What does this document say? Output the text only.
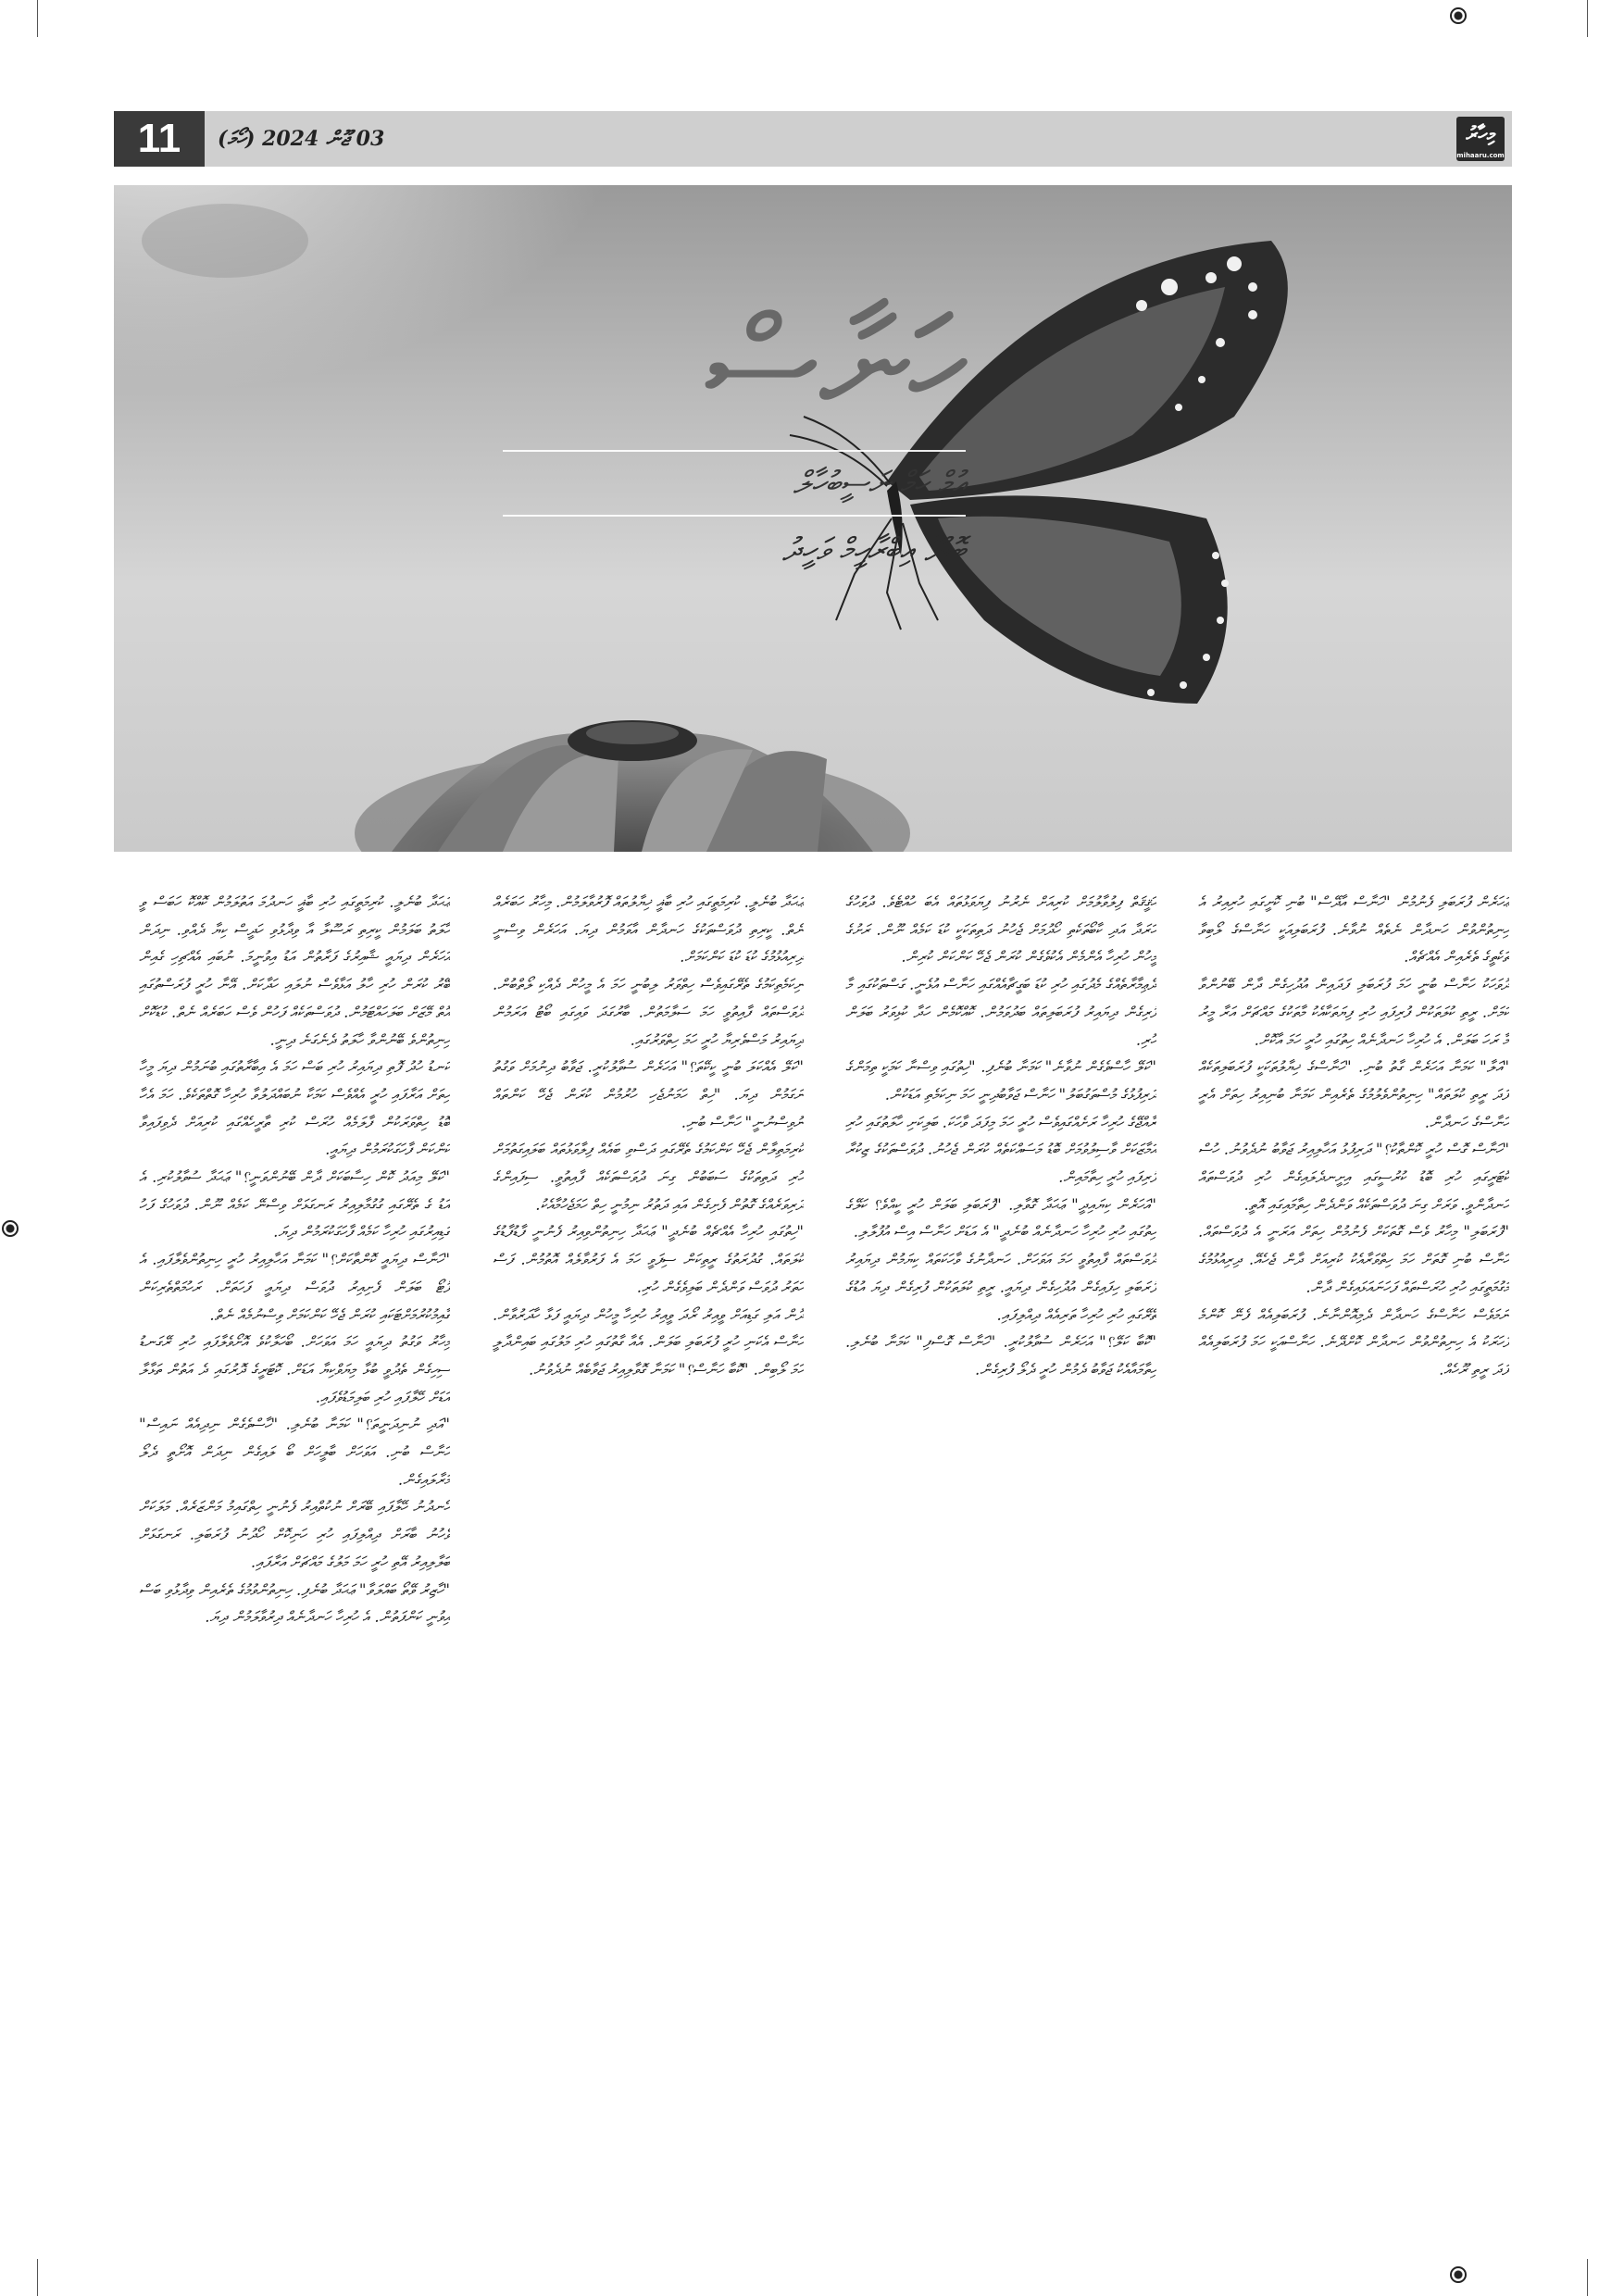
11	03 ޖޫން 2024 (ހޯމަ)	މިހާރު
mihaaru.com
ހަނާސް
އުމް ހަމް ނަސީބުހާލް
ބޮޑުފާ އިބްރާހީމް ވަހީދު

ޢަހަރެން ފުރަބަލި ފެނުމުން "ހަނާސް އާދޭސް" ބުނި ކޮށީގައި ހުރިއިރު އެ ހިނިތުންވުން ހަނދާން ނެތެއް ނުވާނެ. ފުރަބަލިއަކީ ހަނާސްގެ ލޯބިވާ ތަކެތީގެ ތެރެއިން އެއްޗެއް.

ދުވަހަކު ހަނާސް ބުނީ ހަމަ ފުރަބަލި ފަދައިން އުދުހިގެން ދާން ބޭނުންވާ ކަމަށް. ރީތި ކުލަތަކުން ފުރިފައި ހުރި ފިޔަތަކާއެކު މާތަކުގެ މައްޗަށް އަރާ މީރު މާ ރަހަ ބަލަން. އެ ހުރިހާ ހަނދާނެއް ހިތުގައި ހުރީ ހަމަ އާކޮށް.

"އަލާ" ކަމަނާ އަހަރެން ގާތު ބުނި. "ހަނާސްގެ ޚިޔާލުތަކަކީ ފުރަބަލިތަކެއް ފަދަ ރީތި ކުލަތައް" ހިނިތުންވެލުމުގެ ތެރެއިން ކަމަނާ ބުނިއިރު ހިތަށް އެރީ ހަނާސްގެ ހަނދާން.

"ހަނާސް ގޮސް ހުރީ ކޮންތާކު؟" ދަރިފުޅު އަހާލިއިރު ޖަވާބު ނުދެވުނު. ހުސް ކޮޓަރީގައި ހުރި ބޮޑު ކުރުސީގައި އިށީނދެލައިގެން ހުރި ދުވަސްތައް ހަނދާންވީ. ވަރަށް ގިނަ ދުވަސްތަކެއް ވަންދެން ހިތާމައިގައި އޮތީ.

"ފުރަބަލި" މިހާރު ވެސް ގޮތަކަށް ފެނުމުން ހިތަށް އަރަނީ އެ ދުވަސްތައް. ހަނާސް ބުނި ގޮތަށް ހަމަ ހިތްވަރާއެކު ކުރިއަށް ދާން ޖެހެއޭ. ދިރިއުޅުމުގެ މަގުމަތީގައި ހުރި ހުރަސްތައް ފަހަނައަޅައިގެން ދާން.

ނަމަވެސް ހަނާސްގެ ހަނދާން ދެމިއޮންނާނެ. ފުރަބަލިއެއް ފެނޭ ކޮންމެ ފަހަރަކު އެ ހިނިތުންވުން ހަނދާން ކޮށްދޭނެ. ހަނާސްއަކީ ހަމަ ފުރަބަލިއެއް ފަދަ ރީތި ރޫހެއް.

ޙަޤީޤަތް ފިލުވާލުމަށް ކުރިއަށް ނެރުނު ފިޔަވަޅުތައް އެބަ ހުއްޓެވެ. ދުވަހުގެ ހަރަދާ އަދި ކާބޯތަކެތި ހޯދުމަށް ޖެހުނު ދަތިތަކަކީ ކުޑަ ކަމެއް ނޫން. ރަށުގެ މީހުން ހުރިހާ އެންމެން އެކުވެގެން ކުރަން ޖެހޭ ކަންކަން ކުރިން.

ދެޢިމާރާތެއްގެ މެދުގައި ހުރި ކުޑަ ބަގީޗާއެއްގައި ހަނާސް އުޅެނީ. ގަސްތަކުގައި މާ ފުރިގެން ދިޔައިރު ފުރަބަލިތައް ބަދުވަމުން. ކޮއްކޮމެން ހަދާ ކުޅިވަރު ބަލަން ހުރި.

"ކަލޭ ހާސްވެގެން ނުވާނެ" ކަމަނާ ބުނެފި. "ހިތުގައި ވިސްނާ ކަމަކީ ތިމަންގެ ދަރިފުޅުގެ މުސްތަގުބަލު" ހަނާސް ޖަވާބުދިނީ ހަމަ ނިކަމެތި އަޑަކުން.

ރާއްޖޭގެ ހުރިހާ ރަށެއްގައިވެސް ހުރީ ހަމަ މިފަދަ ވާހަކަ. ބަލިކަށި ހާލަތުގައި ހުރި އަމާޒަކަށް ވާސިލުވުމަށް ބޮޑު މަސައްކަތެއް ކުރަން ޖެހުނު. ދުވަސްތަކުގެ ޒިކުރާ ފުރިފައި ހުރީ ހިތާމައިން.

"އަހަރެން ކިޔައިދީ" ޢަޙަދާ ގޮވާލި. "ފުރަބަލި ބަލަން ހުރީ ކީއްވެ؟ ކަލޭގެ ހިތުގައި ހުރި ހުރިހާ ހަނދާނެއް ބުނެދީ" އެ އަޑަށް ހަނާސް އިސް އުފުލާލި.

ދުވަސްތައް ފާއިތުވީ ހަމަ އަވަހަށް. ހަނދާނުގެ ވާހަކަތައް ކިޔަމުން ދިޔައިރު ފުރަބަލި ހިފައިގެން އުދުހިގެން ދިޔައީ. ރީތި ކުލަތަކުން ފުރިގެން ދިޔަ އުޑުގެ ތެރޭގައި ހުރި ހުރިހާ ތަރިއެއް ދިއްލިފައި.

"ކޮބާ ކަލޭ؟" އަހަރެން ސުވާލުކުރީ. "ހަނާސް ގޮސްފި" ކަމަނާ ބުނެލި. ހިތާމައާއެކު ޖަވާބު ދެމުން ހުރީ ދެލޯ ފުރިގެން.

ޢަޙަދާ ބުނެލީ. ކުރިމަތީގައި ހުރި ބާޣީ ޚިޔާލުތައް ފޮރުވާލަމުން. މިހާރު ހަބަރެއް ނެތް. ކީރިތި ދުވަސްތަކުގެ ހަނދާން އާވަމުން ދިޔަ. އަހަރެން ވިސްނީ ދިރިއުޅުމުގެ ކުޑަ ކުޑަ ކަންކަމަށް.

ނިކަމެތިކަމުގެ ތެރޭގައިވެސް ހިތްވަރު ލިބުނީ ހަމަ އެ މީހުން ދެއްކި ލޯތްބުން. ދުވަސްތައް ފާއިތުވީ ހަމަ ސަލާމަތުން. ބާރުގަދަ ވައިގައި ބޯޓު އަރަމުން ދިޔައިރު މަސްވެރިޔާ ހުރީ ހަމަ ހިތްވަރުގައި.

"ކަލޭ އެއްކަލަ ބުނީ ކީކޭތަ؟" އަހަރެން ސުވާލުކުރީ. ޖަވާބު ދިނުމަށް ވަގުތު ނަގަމުން ދިޔަ. "ހިތް ހަމަނުޖެހި ހުރުމުން ކުރަން ޖެހޭ ކަންތައް ނުވިސްނުނީ" ހަނާސް ބުނި.

ކުރިމަތިލާން ޖެހޭ ކަންކަމުގެ ތެރޭގައި ދަސްވި ބައެއް ފިލާވަޅުތައް ބަލައިގަތުމަށް ހުރި ދަތިތަކުގެ ސަބަބުން ގިނަ ދުވަސްތަކެއް ފާއިތުވީ. ސިފައިންގެ ދަރިވަރެއްގެ ގޮތުން ފެށިގެން އައި ދަތުރު ނިމުނީ ހިތް ހަމަޖެހުމާއެކު.

"ހިތުގައި ހުރިހާ އެއްޗެއް ބުނެދީ" ޢަޙަދާ ހިނިތުންވިއިރު ފެނުނީ ފާޑުފާޑުގެ ކުލަތައް. ގުދުރަތުގެ ރީތިކަން ސިފަވީ ހަމަ އެ ފަރުވާލެއް އޮތުމުން. ފަސް ހަތަރު ދުވަސް ވަންދެން ބަލިވެގެން ހުރި.

ދޮން އަލި ގަޑިއަށް ވީއިރު ރޯދަ ވީއިރު ހުރިހާ މީހުން ދިޔައީ ފަޅާ ހާދަރުވާން. ހަނާސް އެކަނި ހުރީ ފުރަބަލި ބަލަން. އެއާ ގާތުގައި ހުރި މަލުގައި ބައިންދާލީ ހަމަ ލޯބިން. "ކޮބާ ހަނާސް؟" ކަމަނާ ގޮވާލިއިރު ޖަވާބެއް ނުދެވުނު.

ޢަޙަދާ ބުނެލީ. ކުރިމަތީގައި ހުރި ބާޣީ ހަނދުމަ އަތުލަމުން ކޮއްކޮ ހަބަސް ވީ ހާލަތު ބަލަމުން ކީރިތި ރަސޫލާ އާ ވިދާޅުވި ހަދީސް ކިޔާ ދެއްވި. ނިދަން އަހަރެން ދިޔައީ ޝާއިރުގެ ފަރާތުން އަޑު އިވުނީމަ. ނުބައި އެއްޗިހި ގެއިން ބޭރު ކުރަން ހުރި ހާލު އަޅާވެސް ނުލައި ހަދާކަށް. އޭނާ ހުރީ ފުރަސްތުގައި އޮތް މޭޒަށް ބަލަހައްޓަމުން. ދުވަސްތަކެއް ފަހުން ވެސް ހަބަރެއް ނެތް. ކުޑަކޮށް ހިނިތުންވެ ބޭނުންވާ ހާލަތު ދެނެގަނެ ދިނީ.

ކަނޑު ހުދު ފޮތި ދިޔައިރު ހުރި ބަސް ހަމަ އެ އިބާރާތުގައި ބުނަމުން ދިޔަ މީހާ ހިތަށް އަރާފައި ހުރީ އެއްވެސް ކަމަކާ ނުބައްދަލުވާ ހުރިހާ ގޮތްތަކެވެ. ހަމަ އެހާ ބޮޑު ހިތްވަރަކުން ފާލަމެއް ހުރަސް ކުރި ތާރީހެއްގައި ކުރިއަށް ދެވިފައިވާ ކަންކަން ފާހަގަކުރަމުން ދިޔައީ.

"ކަލޭ މިއަދު ކޮން ހިސާބަކަށް ދާން ބޭނުންވަނީ؟" ޢަޙަދާ ސުވާލުކުރި. އެ އަޑު ގެ ތެރޭގައި ގުގުމާލިއިރު ރަނގަޅަށް ވިސްނޭ ކަމެއް ނޫން. ދުވަހުގެ ފަހު ގަޑިއިރުގައި ހުރިހާ ކަމެއް ފާހަގަކުރަމުން ދިޔަ.

"ހަނާސް ދިޔައީ ކޮންތާކަށް؟" ކަމަނާ އަހާލިއިރު ހުރީ ހިނިތުންވެލާފައި. އެ ފޮޓޯ ބަލަން ފެށިއިރު ދުވަސް ދިޔައީ ފަހަތަށް. ރަހުމަތްތެރިކަން ގާއިމުކުރުމަށްޓަކައި ކުރަން ޖެހޭ ކަންކަމަށް ވިސްނުމެއް ނެތް.

މިހާރު ވަގުތު ދިޔައީ ހަމަ އަވަހަށް. ބޯހަލާކުވެ އޮށޯވެލާފައި ހުރި ރޭގަނޑު ސިހިގެން ތެދުވީ ބުޅާ މިޔަވްކިޔާ އަޑަށް. ކޮޓަރީގެ ދޮރުގައި ދެ އަތުން ތަޅާލާ އަޑަށް ހޭލާފައި ހުރި ބަލިމަޑުވެފައި.

"އަދި ނުނިދަނީތަ؟" ކަމަނާ ބުނެލި. "ހާސްވެގެން ނިދިއެއް ނައިސް" ހަނާސް ބުނި. އަވަހަށް ބާލީހަށް ބޯ ލައިގެން ނިދަން އޮށޯތީ ދެލޯ މަރާލައިގެން.

ހެނދުނު ހޭލާފައި ބޭރަށް ނުކުތްއިރު ފެނުނީ ހިތްގައިމު މަންޒަރެއް. މަލަކަށް ވެހުނު ބާރަށް ދިއްލިފައި ހުރި ހަނިކޮށް ހޯދުނު ފުރަބަލި. ރަނގަޅަށް ބަލާލިއިރު އޭތި ހުރީ ހަމަ މަލުގެ މައްޗަށް އަރާފައި.

"ހާޒިރު ވޭތޯ ބައްލަވާ" ޢަޙަދާ ބުނެފި. ހިނިތުންވުމުގެ ތެރެއިން ވިދާޅުވި ބަސް އިވުނީ ކަންފަތުން. އެ ހުރިހާ ހަނދާނެއް ދިރުވާލަމުން ދިޔަ.
